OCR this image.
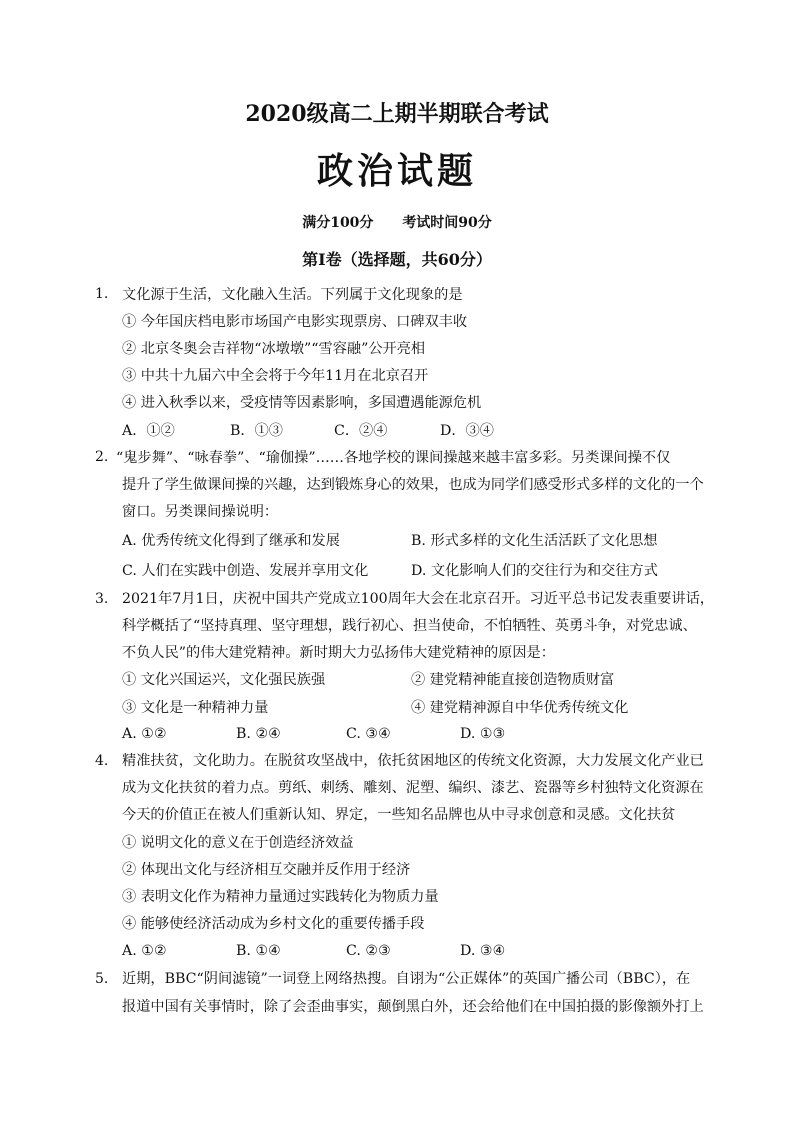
2020级高二上期半期联合考试
政治试题
满分100分 考试时间90分
第Ⅰ卷（选择题，共60分）
1. 文化源于生活，文化融入生活。下列属于文化现象的是
① 今年国庆档电影市场国产电影实现票房、口碑双丰收
② 北京冬奥会吉祥物“冰墩墩”“雪容融”公开亮相
③ 中共十九届六中全会将于今年11月在北京召开
④ 进入秋季以来，受疫情等因素影响，多国遭遇能源危机
A．①②	B．①③	C．②④	D．③④
2. “鬼步舞”、“咏春拳”、“瑜伽操”……各地学校的课间操越来越丰富多彩。另类课间操不仅
提升了学生做课间操的兴趣，达到锻炼身心的效果，也成为同学们感受形式多样的文化的一个
窗口。另类课间操说明：
A. 优秀传统文化得到了继承和发展	B. 形式多样的文化生活活跃了文化思想
C. 人们在实践中创造、发展并享用文化	D. 文化影响人们的交往行为和交往方式
3. 2021年7月1日，庆祝中国共产党成立100周年大会在北京召开。习近平总书记发表重要讲话，
科学概括了“坚持真理、坚守理想，践行初心、担当使命，不怕牺牲、英勇斗争，对党忠诚、
不负人民”的伟大建党精神。新时期大力弘扬伟大建党精神的原因是：
① 文化兴国运兴，文化强民族强	② 建党精神能直接创造物质财富
③ 文化是一种精神力量	④ 建党精神源自中华优秀传统文化
A. ①②	B. ②④	C. ③④	D. ①③
4. 精准扶贫，文化助力。在脱贫攻坚战中，依托贫困地区的传统文化资源，大力发展文化产业已
成为文化扶贫的着力点。剪纸、刺绣、雕刻、泥塑、编织、漆艺、瓷器等乡村独特文化资源在
今天的价值正在被人们重新认知、界定，一些知名品牌也从中寻求创意和灵感。文化扶贫
① 说明文化的意义在于创造经济效益
② 体现出文化与经济相互交融并反作用于经济
③ 表明文化作为精神力量通过实践转化为物质力量
④ 能够使经济活动成为乡村文化的重要传播手段
A. ①②	B. ①④	C. ②③	D. ③④
5. 近期，BBC“阴间滤镜”一词登上网络热搜。自诩为“公正媒体”的英国广播公司（BBC），在
报道中国有关事情时，除了会歪曲事实，颠倒黑白外，还会给他们在中国拍摄的影像额外打上
